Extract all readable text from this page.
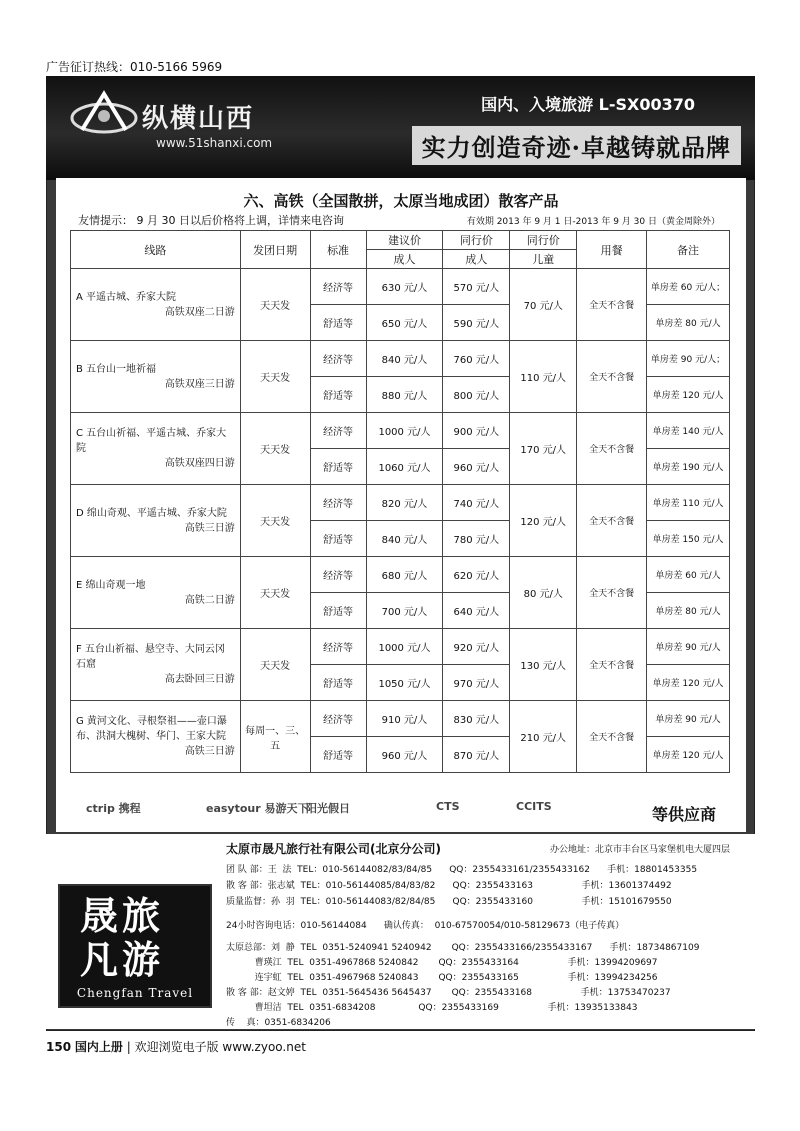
广告征订热线：010-5166 5969
纵横山西
www.51shanxi.com
国内、入境旅游 L-SX00370
实力创造奇迹·卓越铸就品牌
六、高铁（全国散拼，太原当地成团）散客产品
友情提示： 9 月 30 日以后价格将上调，详情来电咨询	有效期 2013 年 9 月 1 日-2013 年 9 月 30 日（黄金周除外）
线路	发团日期	标准	建议价	同行价	同行价	用餐	备注
			成人	成人	儿童		
A 平遥古城、乔家大院
高铁双座二日游	天天发	经济等	630 元/人	570 元/人	70 元/人	全天不含餐	单房差 60 元/人；
		舒适等	650 元/人	590 元/人			单房差 80 元/人
B 五台山一地祈福
高铁双座三日游	天天发	经济等	840 元/人	760 元/人	110 元/人	全天不含餐	单房差 90 元/人；
		舒适等	880 元/人	800 元/人			单房差 120 元/人
C 五台山祈福、平遥古城、乔家大院
高铁双座四日游	天天发	经济等	1000 元/人	900 元/人	170 元/人	全天不含餐	单房差 140 元/人
		舒适等	1060 元/人	960 元/人			单房差 190 元/人
D 绵山奇观、平遥古城、乔家大院
高铁三日游	天天发	经济等	820 元/人	740 元/人	120 元/人	全天不含餐	单房差 110 元/人
		舒适等	840 元/人	780 元/人			单房差 150 元/人
E 绵山奇观一地
高铁二日游	天天发	经济等	680 元/人	620 元/人	80 元/人	全天不含餐	单房差 60 元/人
		舒适等	700 元/人	640 元/人			单房差 80 元/人
F 五台山祈福、悬空寺、大同云冈石窟
高去卧回三日游	天天发	经济等	1000 元/人	920 元/人	130 元/人	全天不含餐	单房差 90 元/人
		舒适等	1050 元/人	970 元/人			单房差 120 元/人
G 黄河文化、寻根祭祖——壶口瀑布、洪洞大槐树、华门、王家大院
高铁三日游	每周一、三、五	经济等	910 元/人	830 元/人	210 元/人	全天不含餐	单房差 90 元/人
		舒适等	960 元/人	870 元/人			单房差 120 元/人
等供应商
ctrip 携程	easytour 易游天下
阳光假日	CTS	CCITS
晟旅
凡游
Chengfan Travel
太原市晟凡旅行社有限公司(北京分公司)	办公地址：北京市丰台区马家堡机电大厦四层
团 队 部：王  法  TEL：010-56144082/83/84/85      QQ：2355433161/2355433162      手机：18801453355
散 客 部：张志斌  TEL：010-56144085/84/83/82      QQ：2355433163                 手机：13601374492
质量监督：孙  羽  TEL：010-56144083/82/84/85      QQ：2355433160                 手机：15101679550
24小时咨询电话：010-56144084      确认传真：  010-67570054/010-58129673（电子传真）
太原总部：刘  静  TEL  0351-5240941 5240942       QQ：2355433166/2355433167      手机：18734867109
曹瑛江  TEL  0351-4967868 5240842       QQ：2355433164                 手机：13994209697
连宇虹  TEL  0351-4967968 5240843       QQ：2355433165                 手机：13994234256
散 客 部：赵文婷  TEL  0351-5645436 5645437       QQ：2355433168                 手机：13753470237
曹坦洁  TEL  0351-6834208               QQ：2355433169                 手机：13935133843
传    真：0351-6834206
150 国内上册 | 欢迎浏览电子版 www.zyoo.net
